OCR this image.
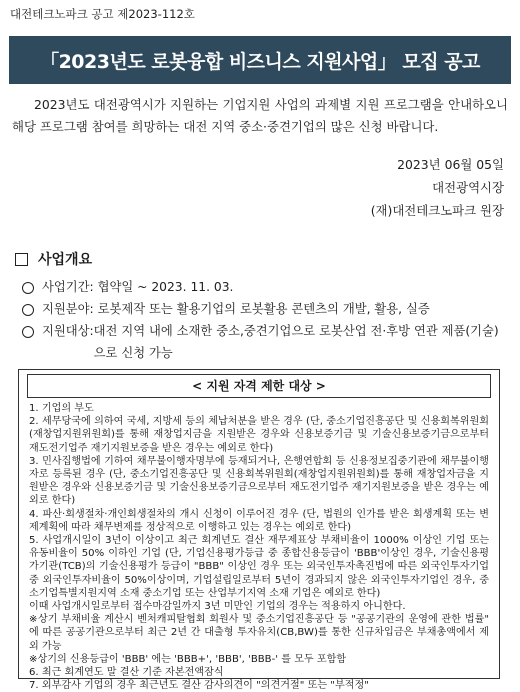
대전테크노파크 공고 제2023-112호
「2023년도 로봇융합 비즈니스 지원사업」 모집 공고
2023년도 대전광역시가 지원하는 기업지원 사업의 과제별 지원 프로그램을 안내하오니 해당 프로그램 참여를 희망하는 대전 지역 중소·중견기업의 많은 신청 바랍니다.
2023년 06월 05일
대전광역시장
(재)대전테크노파크 원장
사업개요
사업기간: 협약일 ~ 2023. 11. 03.
지원분야: 로봇제작 또는 활용기업의 로봇활용 콘텐츠의 개발, 활용, 실증
지원대상: 대전 지역 내에 소재한 중소,중견기업으로 로봇산업 전·후방 연관 제품(기술)으로 신청 가능
< 지원 자격 제한 대상 >

1. 기업의 부도

2. 세무당국에 의하여 국세, 지방세 등의 체납처분을 받은 경우 (단, 중소기업진흥공단 및 신용회복위원회(재창업지원위원회)를 통해 재창업지금을 지원받은 경우와 신용보증기금 및 기술신용보증기금으로부터 재도전기업주 재기지원보증을 받은 경우는 예외로 한다)

3. 민사집행법에 기하여 채무불이행자명부에 등재되거나, 은행연합회 등 신용정보집중기관에 채무불이행자로 등록된 경우 (단, 중소기업진흥공단 및 신용회복위원회(재창업지원위원회)를 통해 재창업자금을 지원받은 경우와 신용보증기금 및 기술신용보증기금으로부터 재도전기업주 재기지원보증을 받은 경우는 예외로 한다)

4. 파산·회생절차·개인회생절차의 개시 신청이 이루어진 경우 (단, 법원의 인가를 받은 회생계획 또는 변제계획에 따라 채무변제를 정상적으로 이행하고 있는 경우는 예외로 한다)

5. 사업개시일이 3년이 이상이고 최근 회계년도 결산 재무제표상 부채비율이 1000% 이상인 기업 또는 유동비율이 50% 이하인 기업 (단, 기업신용평가등급 중 종합신용등급이 'BBB'이상인 경우, 기술신용평가기관(TCB)의 기술신용평가 등급이 "BBB" 이상인 경우 또는 외국인투자촉진법에 따른 외국인투자기업 중 외국인투자비율이 50%이상이며, 기업설립일로부터 5년이 경과되지 않은 외국인투자기업인 경우, 중소기업특별지원지역 소재 중소기업 또는 산업부기지역 소재 기업은 예외로 한다)

이때 사업개시일로부터 접수마감일까지 3년 미만인 기업의 경우는 적용하지 아니한다.

※상기 부채비율 계산시 벤처캐피탈협회 회원사 및 중소기업진흥공단 등 "공공기관의 운영에 관한 법률" 에 따른 공공기관으로부터 최근 2년 간 대출형 투자유치(CB,BW)를 통한 신규차입금은 부채총액에서 제외 가능

※상기의 신용등급이 'BBB' 에는 'BBB+', 'BBB', 'BBB-' 를 모두 포함함

6. 최근 회계연도 말 결산 기준 자본전액잠식

7. 외부감사 기업의 경우 최근년도 결산 감사의견이 "의견거절" 또는 "부적정"
